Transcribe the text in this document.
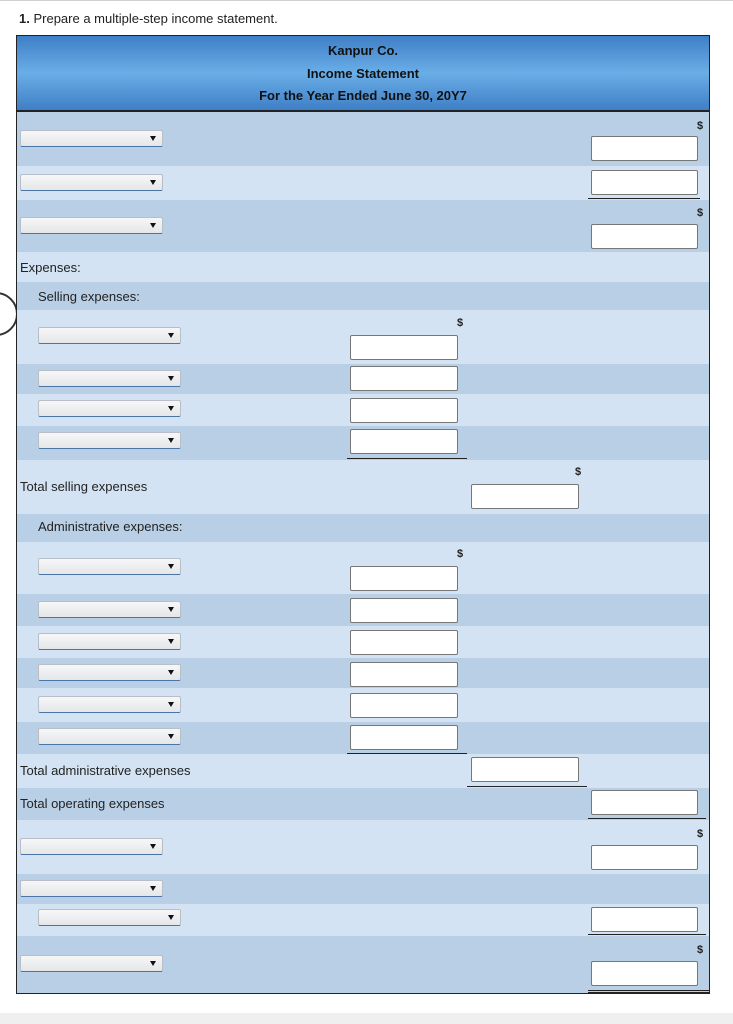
1. Prepare a multiple-step income statement.
Kanpur Co.
Income Statement
For the Year Ended June 30, 20Y7
$
$
Expenses:
Selling expenses:
$
$
Total selling expenses
Administrative expenses:
$
Total administrative expenses
Total operating expenses
$
$
